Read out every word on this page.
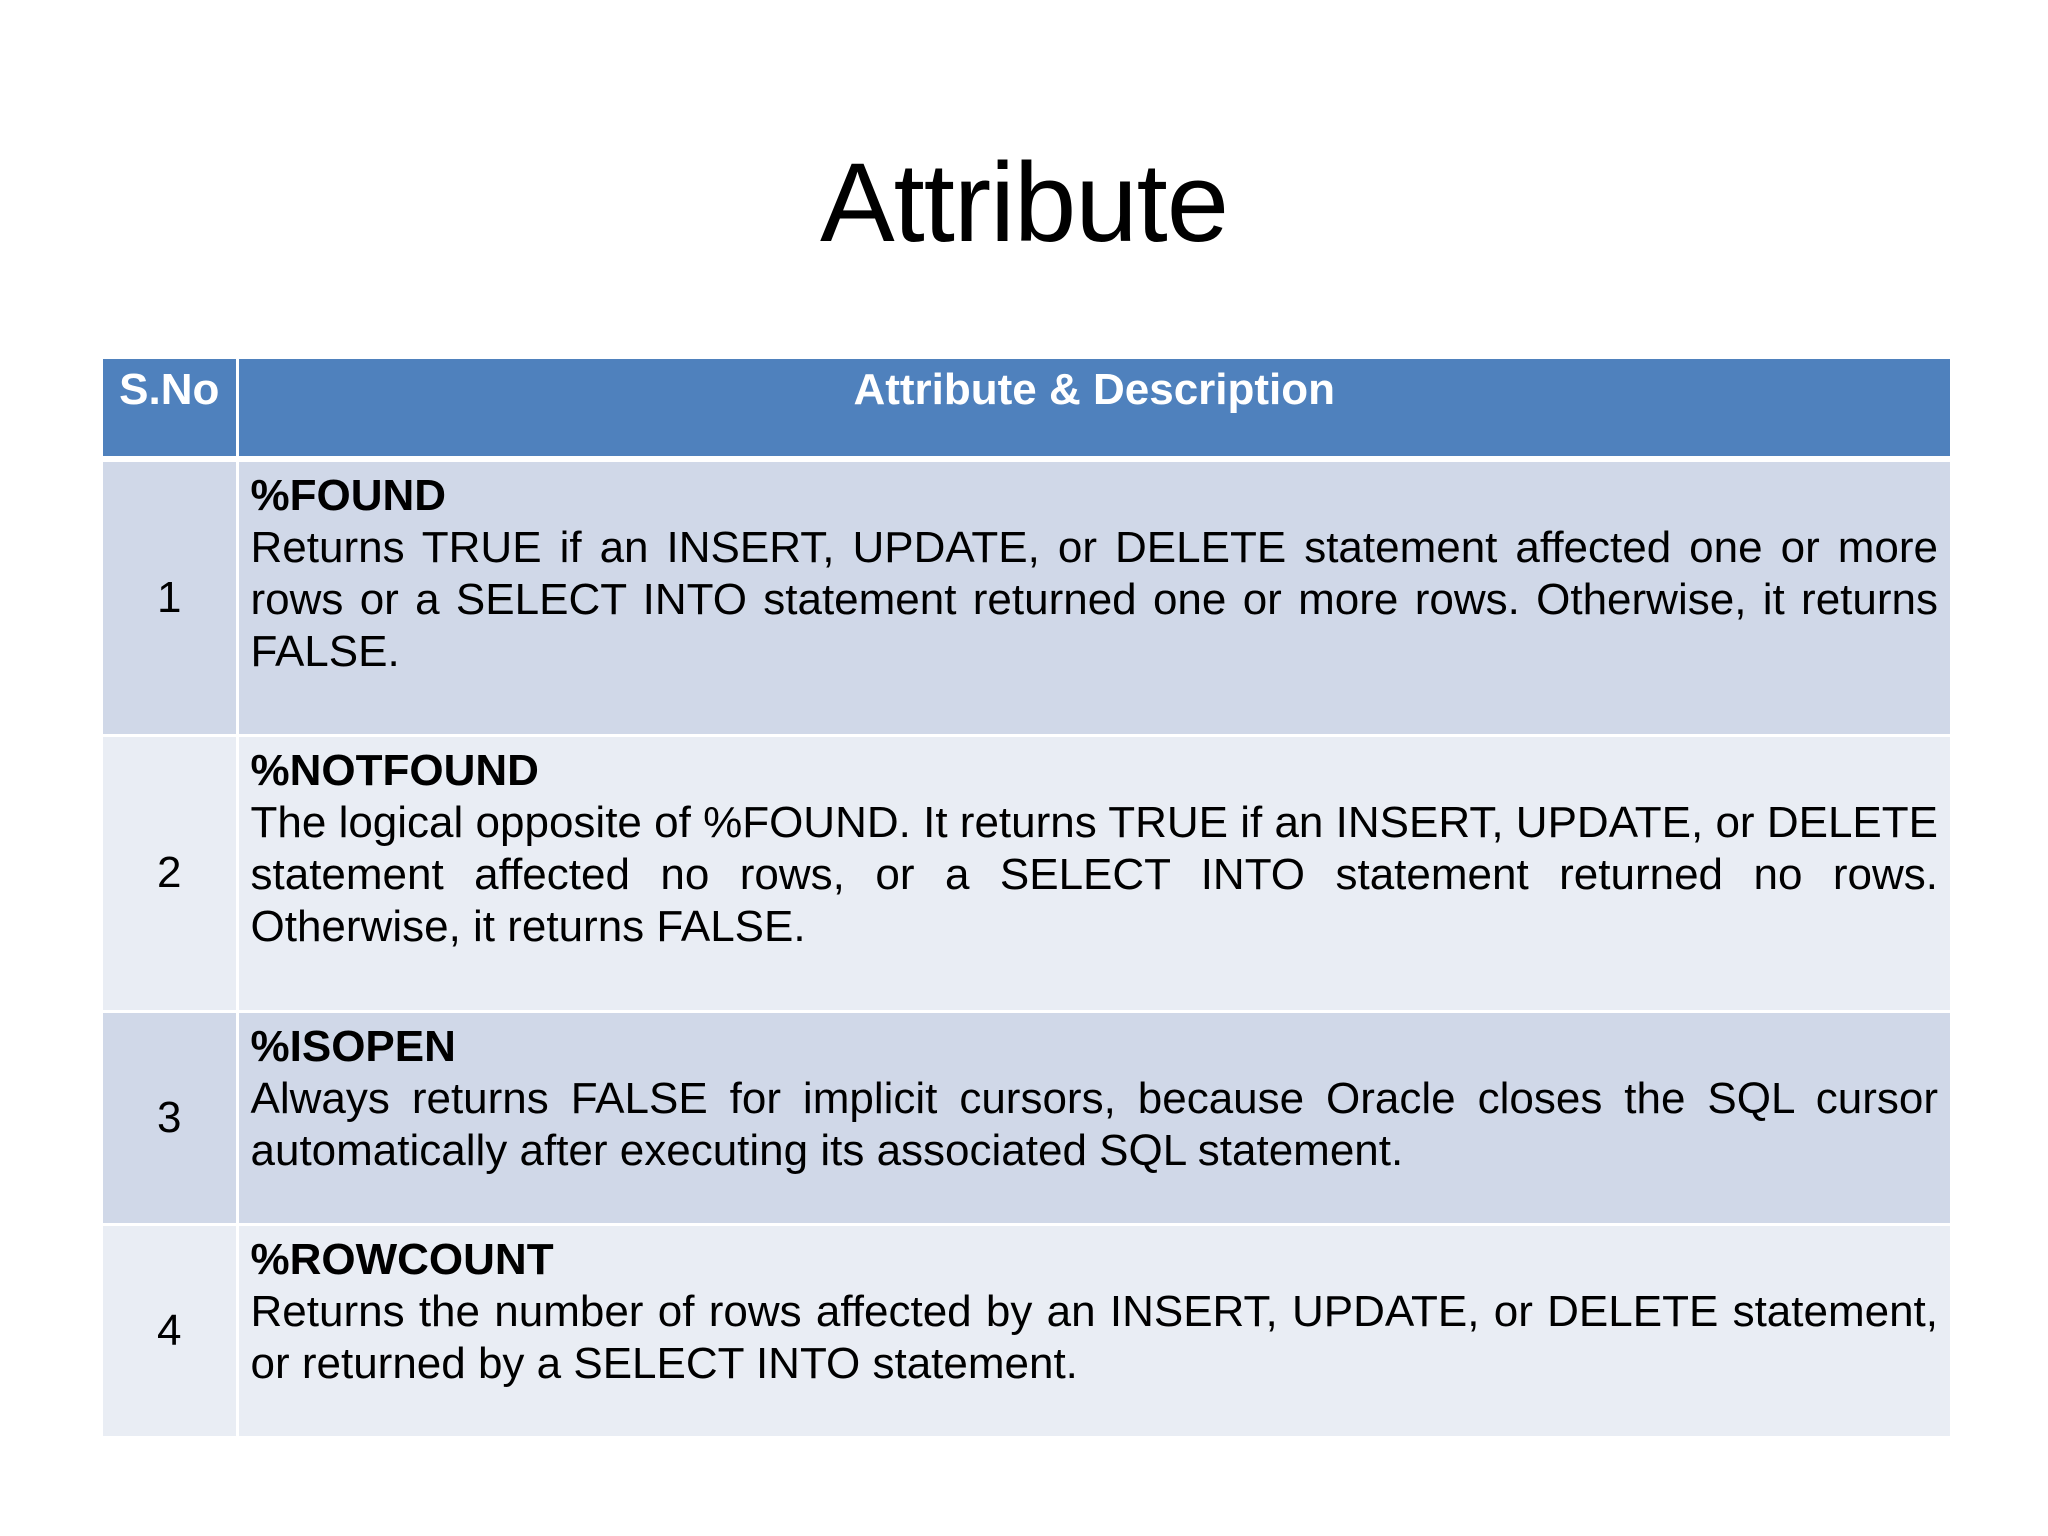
Attribute
S.No	Attribute & Description
1	%FOUND
Returns TRUE if an INSERT, UPDATE, or DELETE statement affected one or more rows or a SELECT INTO statement returned one or more rows. Otherwise, it returns FALSE.

2	%NOTFOUND
The logical opposite of %FOUND. It returns TRUE if an INSERT, UPDATE, or DELETE statement affected no rows, or a SELECT INTO statement returned no rows. Otherwise, it returns FALSE.

3	%ISOPEN
Always returns FALSE for implicit cursors, because Oracle closes the SQL cursor automatically after executing its associated SQL statement.

4	%ROWCOUNT
Returns the number of rows affected by an INSERT, UPDATE, or DELETE statement, or returned by a SELECT INTO statement.
